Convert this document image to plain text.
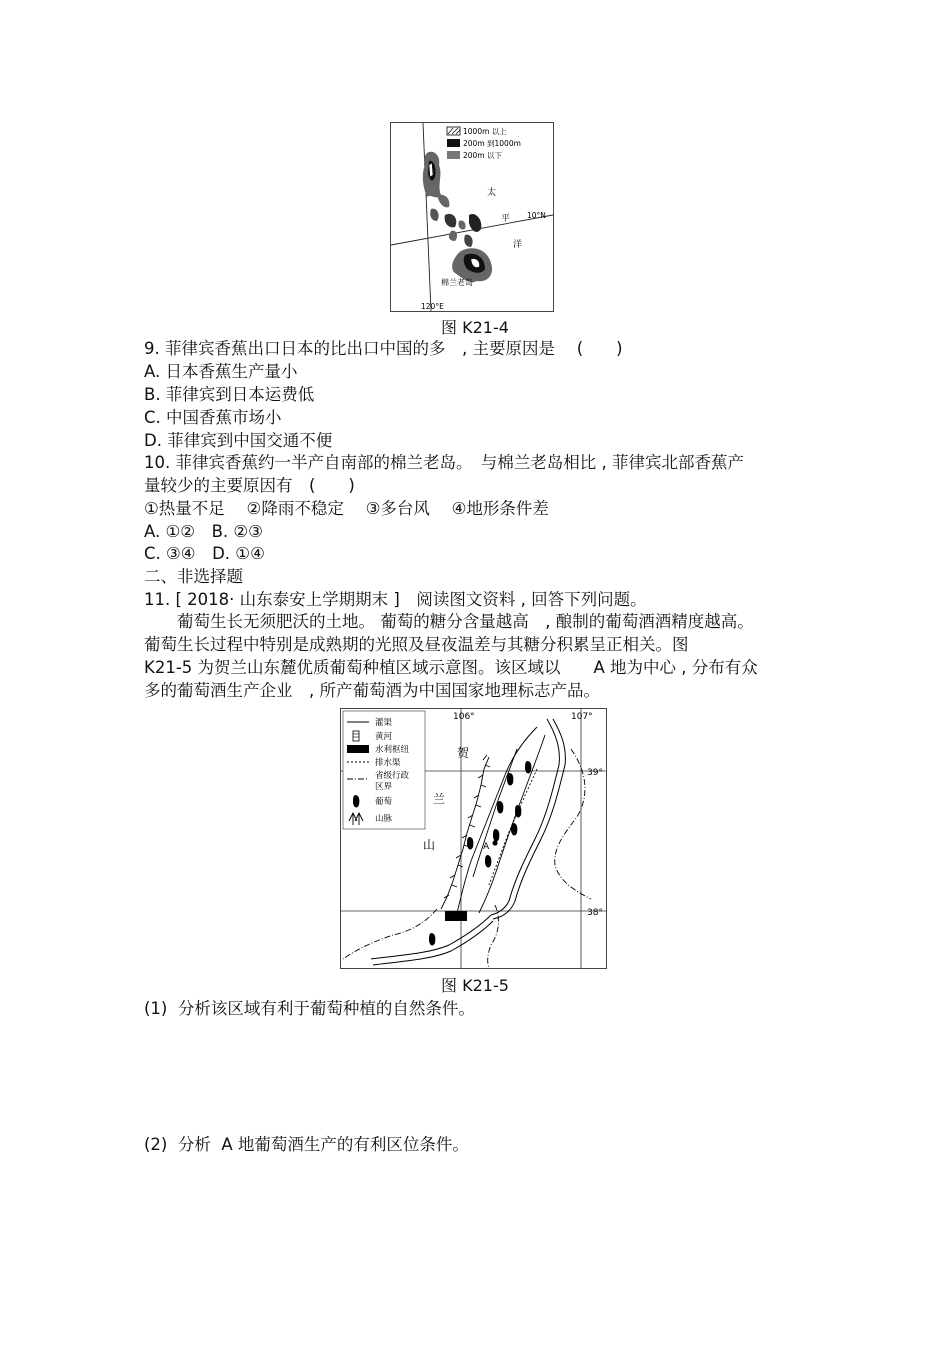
1000m 以上
200m 到1000m
200m 以下
太
平
洋
10°N
棉兰老岛
120°E
图 K21-4
9. 菲律宾香蕉出口日本的比出口中国的多　, 主要原因是　 (　　)
A. 日本香蕉生产量小
B. 菲律宾到日本运费低
C. 中国香蕉市场小
D. 菲律宾到中国交通不便
10. 菲律宾香蕉约一半产自南部的棉兰老岛。　与棉兰老岛相比 , 菲律宾北部香蕉产
量较少的主要原因有　(　　)
①热量不足　 ②降雨不稳定　 ③多台风　 ④地形条件差
A. ①②　B. ②③
C. ③④　D. ①④
二、非选择题
11. [ 2018· 山东泰安上学期期末 ]　阅读图文资料 , 回答下列问题。
　　葡萄生长无须肥沃的土地。 葡萄的糖分含量越高　, 酿制的葡萄酒酒精度越高。
葡萄生长过程中特别是成熟期的光照及昼夜温差与其糖分积累呈正相关。图
K21-5 为贺兰山东麓优质葡萄种植区域示意图。该区域以　　A 地为中心 , 分布有众
多的葡萄酒生产企业　, 所产葡萄酒为中国国家地理标志产品。
106°	107°
39°
38°
灌渠
黄河
水利枢纽
排水渠
省级行政
区界
葡萄
山脉
贺
兰
山	A
图 K21-5
(1)  分析该区域有利于葡萄种植的自然条件。
(2)  分析  A 地葡萄酒生产的有利区位条件。
